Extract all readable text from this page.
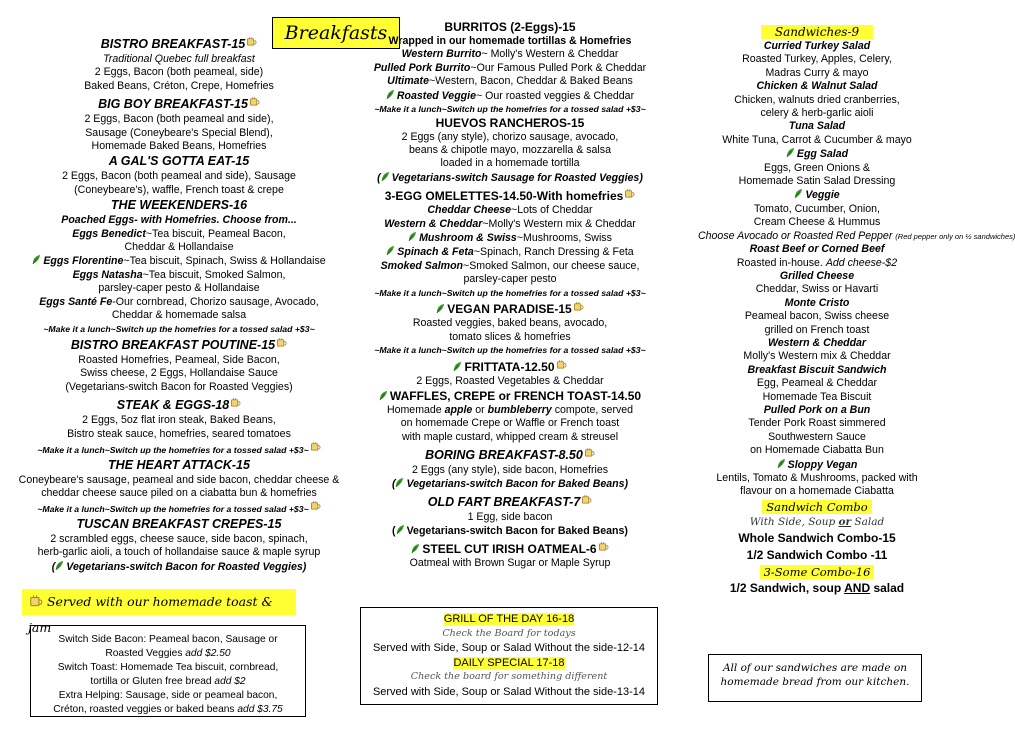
Breakfasts
BISTRO BREAKFAST-15
Traditional Quebec full breakfast
2 Eggs, Bacon (both peameal, side)
Baked Beans, Créton, Crepe, Homefries
BIG BOY BREAKFAST-15
2 Eggs, Bacon (both peameal and side),
Sausage (Coneybeare's Special Blend),
Homemade Baked Beans, Homefries
A GAL'S GOTTA EAT-15
2 Eggs, Bacon (both peameal and side), Sausage
(Coneybeare's), waffle, French toast & crepe
THE WEEKENDERS-16
Poached Eggs- with Homefries. Choose from...
Eggs Benedict~Tea biscuit, Peameal Bacon,
Cheddar & Hollandaise
Eggs Florentine~Tea biscuit, Spinach, Swiss & Hollandaise
Eggs Natasha~Tea biscuit, Smoked Salmon,
parsley-caper pesto & Hollandaise
Eggs Santé Fe-Our cornbread, Chorizo sausage, Avocado,
Cheddar & homemade salsa
~Make it a lunch~Switch up the homefries for a tossed salad +$3~
BISTRO BREAKFAST POUTINE-15
Roasted Homefries, Peameal, Side Bacon,
Swiss cheese, 2 Eggs, Hollandaise Sauce
(Vegetarians-switch Bacon for Roasted Veggies)
STEAK & EGGS-18
2 Eggs, 5oz flat iron steak, Baked Beans,
Bistro steak sauce, homefries, seared tomatoes
~Make it a lunch~Switch up the homefries for a tossed salad +$3~
THE HEART ATTACK-15
Coneybeare's sausage, peameal and side bacon, cheddar cheese &
cheddar cheese sauce piled on a ciabatta bun & homefries
~Make it a lunch~Switch up the homefries for a tossed salad +$3~
TUSCAN BREAKFAST CREPES-15
2 scrambled eggs, cheese sauce, side bacon, spinach,
herb-garlic aioli, a touch of hollandaise sauce & maple syrup
( Vegetarians-switch Bacon for Roasted Veggies)
Served with our homemade toast & jam
Switch Side Bacon: Peameal bacon, Sausage or
Roasted Veggies add $2.50
Switch Toast: Homemade Tea biscuit, cornbread,
tortilla or Gluten free bread add $2
Extra Helping: Sausage, side or peameal bacon,
Créton, roasted veggies or baked beans add $3.75
BURRITOS (2-Eggs)-15
Wrapped in our homemade tortillas & Homefries
Western Burrito~ Molly's Western & Cheddar
Pulled Pork Burrito~Our Famous Pulled Pork & Cheddar
Ultimate~Western, Bacon, Cheddar & Baked Beans
Roasted Veggie~ Our roasted veggies & Cheddar
~Make it a lunch~Switch up the homefries for a tossed salad +$3~
HUEVOS RANCHEROS-15
2 Eggs (any style), chorizo sausage, avocado,
beans & chipotle mayo, mozzarella & salsa
loaded in a homemade tortilla
( Vegetarians-switch Sausage for Roasted Veggies)
3-EGG OMELETTES-14.50-With homefries
Cheddar Cheese~Lots of Cheddar
Western & Cheddar~Molly's Western mix & Cheddar
Mushroom & Swiss~Mushrooms, Swiss
Spinach & Feta~Spinach, Ranch Dressing & Feta
Smoked Salmon~Smoked Salmon, our cheese sauce,
parsley-caper pesto
~Make it a lunch~Switch up the homefries for a tossed salad +$3~
VEGAN PARADISE-15
Roasted veggies, baked beans, avocado,
tomato slices & homefries
~Make it a lunch~Switch up the homefries for a tossed salad +$3~
FRITTATA-12.50
2 Eggs, Roasted Vegetables & Cheddar
WAFFLES, CREPE or FRENCH TOAST-14.50
Homemade apple or bumbleberry compote, served
on homemade Crepe or Waffle or French toast
with maple custard, whipped cream & streusel
BORING BREAKFAST-8.50
2 Eggs (any style), side bacon, Homefries
( Vegetarians-switch Bacon for Baked Beans)
OLD FART BREAKFAST-7
1 Egg, side bacon
( Vegetarians-switch Bacon for Baked Beans)
STEEL CUT IRISH OATMEAL-6
Oatmeal with Brown Sugar or Maple Syrup
GRILL OF THE DAY 16-18
Check the Board for todays
Served with Side, Soup or Salad Without the side-12-14
DAILY SPECIAL 17-18
Check the board for something different
Served with Side, Soup or Salad Without the side-13-14
Sandwiches-9
Curried Turkey Salad
Roasted Turkey, Apples, Celery,
Madras Curry & mayo
Chicken & Walnut Salad
Chicken, walnuts dried cranberries,
celery & herb-garlic aioli
Tuna Salad
White Tuna, Carrot & Cucumber & mayo
Egg Salad
Eggs, Green Onions &
Homemade Satin Salad Dressing
Veggie
Tomato, Cucumber, Onion,
Cream Cheese & Hummus
Choose Avocado or Roasted Red Pepper (Red pepper only on ½ sandwiches)
Roast Beef or Corned Beef
Roasted in-house. Add cheese-$2
Grilled Cheese
Cheddar, Swiss or Havarti
Monte Cristo
Peameal bacon, Swiss cheese
grilled on French toast
Western & Cheddar
Molly's Western mix & Cheddar
Breakfast Biscuit Sandwich
Egg, Peameal & Cheddar
Homemade Tea Biscuit
Pulled Pork on a Bun
Tender Pork Roast simmered
Southwestern Sauce
on Homemade Ciabatta Bun
Sloppy Vegan
Lentils, Tomato & Mushrooms, packed with
flavour on a homemade Ciabatta
Sandwich Combo
With Side, Soup or Salad
Whole Sandwich Combo-15
1/2 Sandwich Combo -11
3-Some Combo-16
1/2 Sandwich, soup AND salad
All of our sandwiches are made on homemade bread from our kitchen.
